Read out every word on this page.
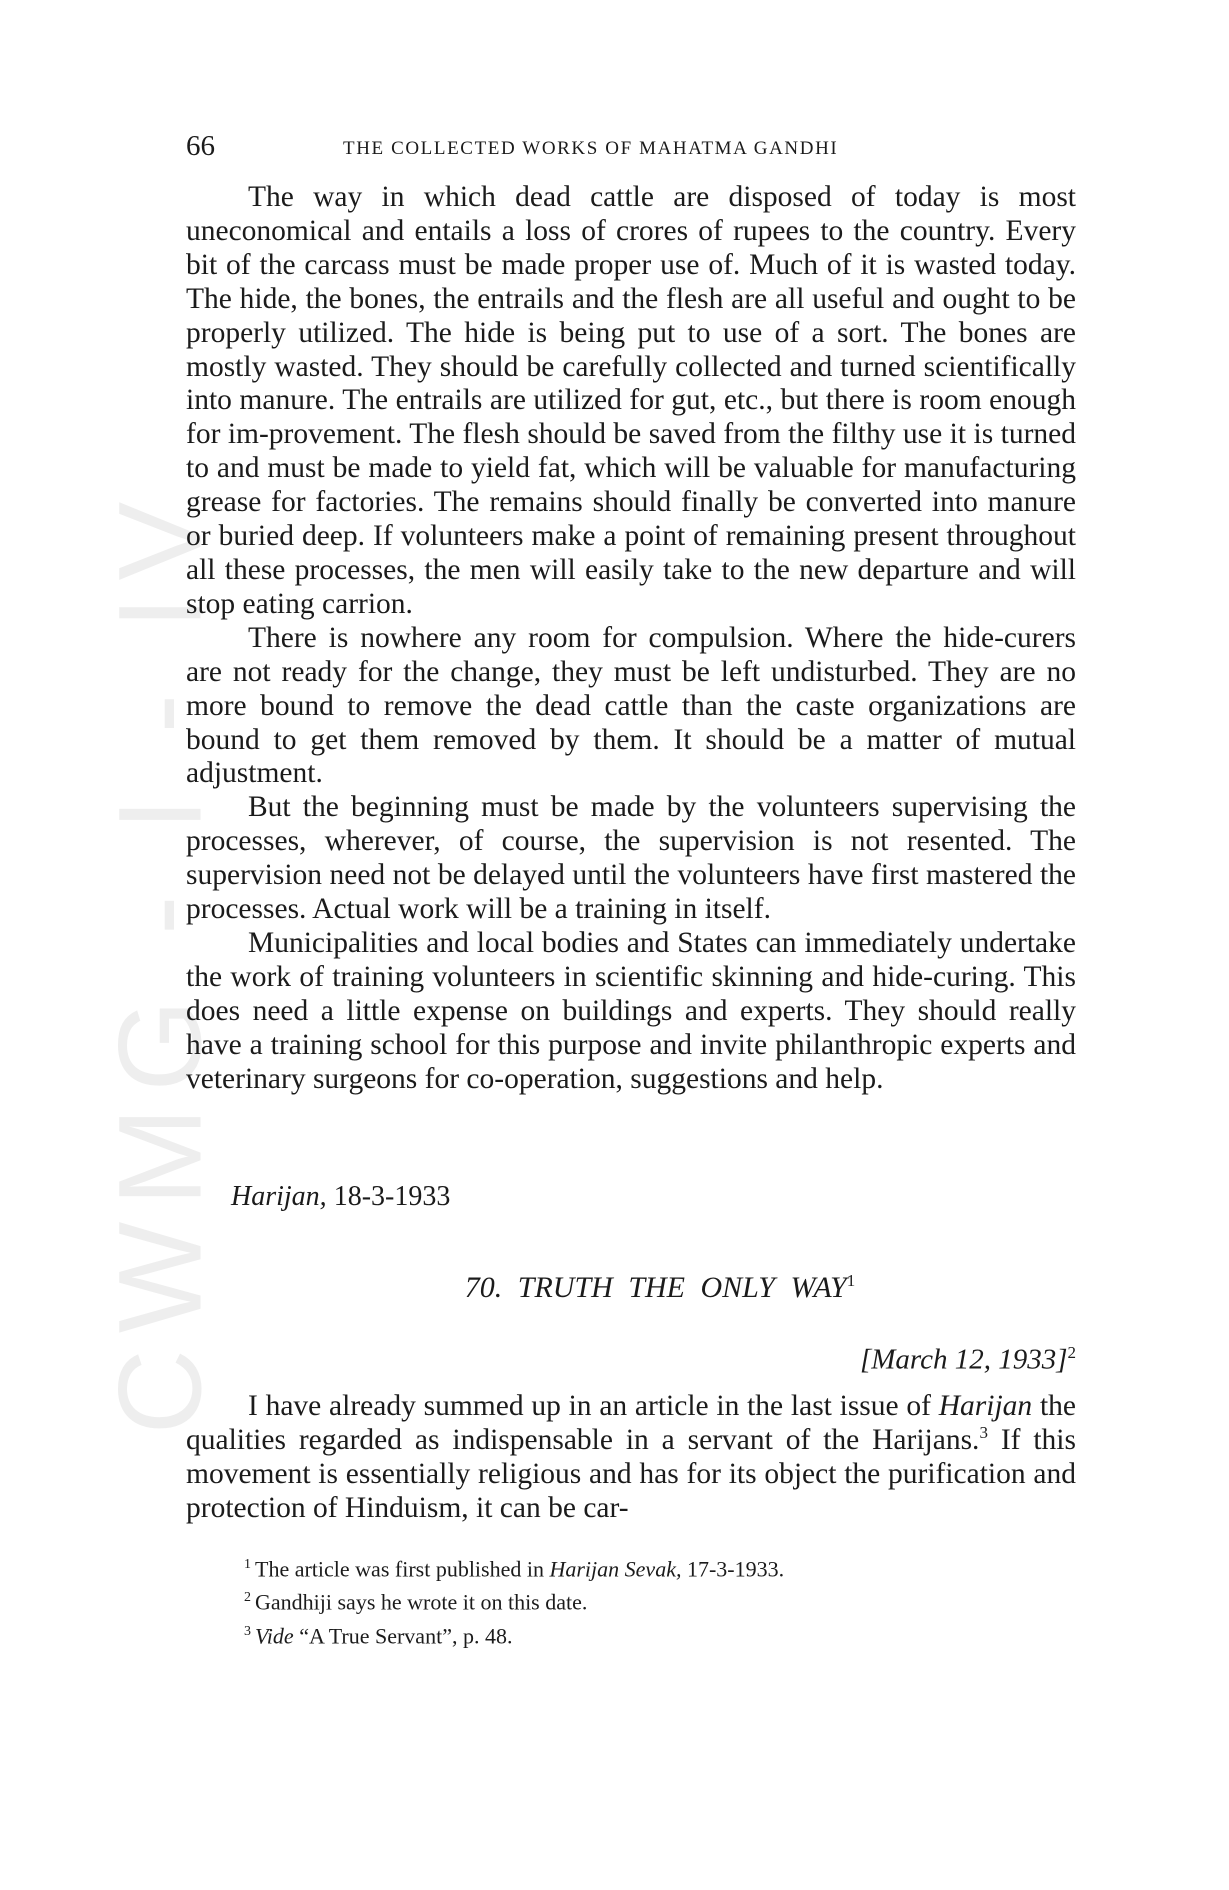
CWMG - I - IV
66	THE COLLECTED WORKS OF MAHATMA GANDHI

The way in which dead cattle are disposed of today is most uneconomical and entails a loss of crores of rupees to the country. Every bit of the carcass must be made proper use of. Much of it is wasted today. The hide, the bones, the entrails and the flesh are all useful and ought to be properly utilized. The hide is being put to use of a sort. The bones are mostly wasted. They should be carefully collected and turned scientifically into manure. The entrails are utilized for gut, etc., but there is room enough for im-provement. The flesh should be saved from the filthy use it is turned to and must be made to yield fat, which will be valuable for manufacturing grease for factories. The remains should finally be converted into manure or buried deep. If volunteers make a point of remaining present throughout all these processes, the men will easily take to the new departure and will stop eating carrion.

There is nowhere any room for compulsion. Where the hide-curers are not ready for the change, they must be left undisturbed. They are no more bound to remove the dead cattle than the caste organizations are bound to get them removed by them. It should be a matter of mutual adjustment.

But the beginning must be made by the volunteers supervising the processes, wherever, of course, the supervision is not resented. The supervision need not be delayed until the volunteers have first mastered the processes. Actual work will be a training in itself.

Municipalities and local bodies and States can immediately undertake the work of training volunteers in scientific skinning and hide-curing. This does need a little expense on buildings and experts. They should really have a training school for this purpose and invite philanthropic experts and veterinary surgeons for co-operation, suggestions and help.

Harijan, 18-3-1933
70. TRUTH THE ONLY WAY$^1$
[March 12, 1933]$^2$

I have already summed up in an article in the last issue of Harijan the qualities regarded as indispensable in a servant of the Harijans.$^3$ If this movement is essentially religious and has for its object the purification and protection of Hinduism, it can be car-

$^1$ The article was first published in Harijan Sevak, 17-3-1933.

$^2$ Gandhiji says he wrote it on this date.

$^3$ Vide “A True Servant”, p. 48.
